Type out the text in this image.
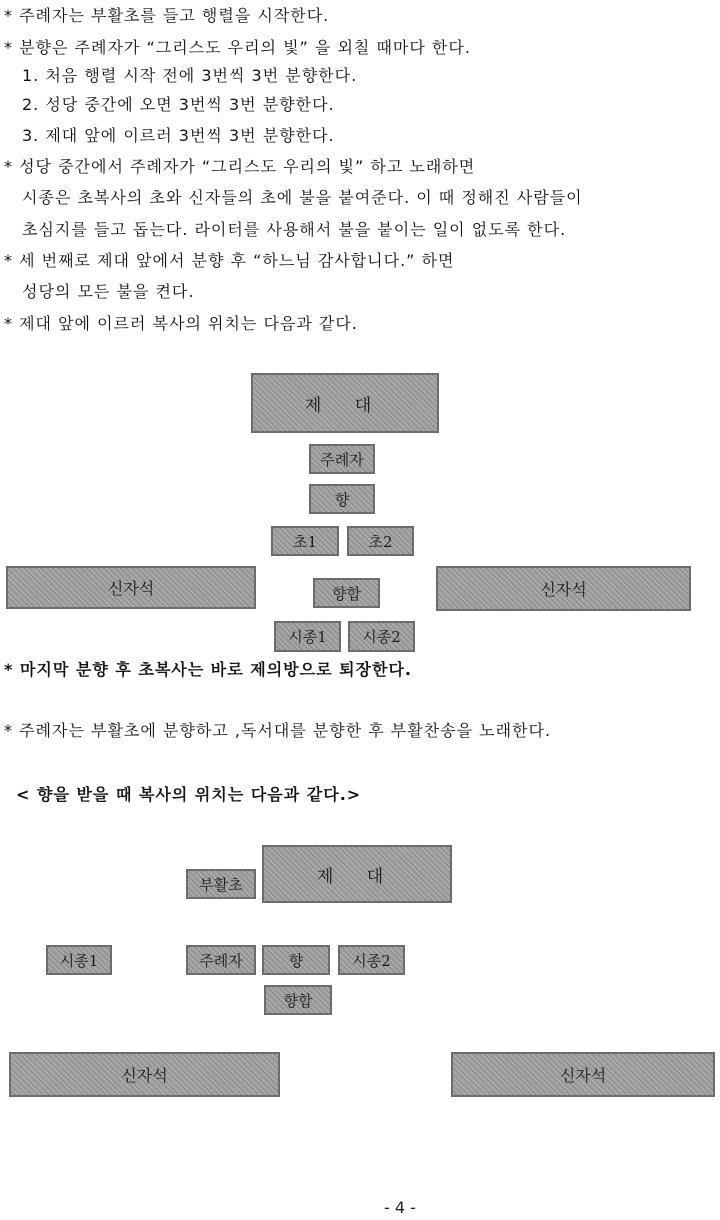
* 주례자는 부활초를 들고 행렬을 시작한다.
* 분향은 주례자가 “그리스도 우리의 빛” 을 외칠 때마다 한다.
1. 처음 행렬 시작 전에 3번씩 3번 분향한다.
2. 성당 중간에 오면 3번씩 3번 분향한다.
3. 제대 앞에 이르러 3번씩 3번 분향한다.
* 성당 중간에서 주례자가 “그리스도 우리의 빛” 하고 노래하면
시종은 초복사의 초와 신자들의 초에 불을 붙여준다. 이 때 정해진 사람들이
초심지를 들고 돕는다. 라이터를 사용해서 불을 붙이는 일이 없도록 한다.
* 세 번째로 제대 앞에서 분향 후 “하느님 감사합니다.” 하면
성당의 모든 불을 켠다.
* 제대 앞에 이르러 복사의 위치는 다음과 같다.
제 대
주례자
향
초1	초2
신자석	향합	신자석
시종1	시종2
* 마지막 분향 후 초복사는 바로 제의방으로 퇴장한다.
* 주례자는 부활초에 분향하고 ,독서대를 분향한 후 부활찬송을 노래한다.
< 향을 받을 때 복사의 위치는 다음과 같다.>
부활초	제 대
시종1	주례자	향	시종2
향합
신자석	신자석
- 4 -
